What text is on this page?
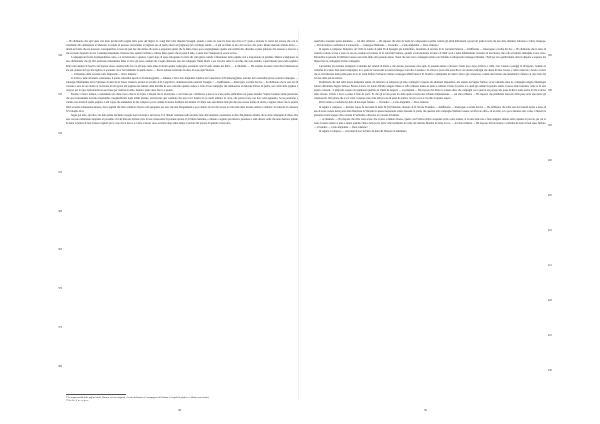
340
345
350
355
360
365
370
375
380

— Ha dichiarato che egli viene così detto perché nella pagina della posta del Signor Cl. Luigi Ricci ella rimonda Vorsagni, quando a treno tre zone ha detto una città al 2° grado e fattezze la vostra del piacere che con lo versibiello dita ammontava al Mazzone la venuta di persona. Avvertiamo al pugliese suo di quello merli ad (pugliese) non coschagia nobile — il più tre finale al lato del vescovo alla posta. Monte mercurio Pistola Porto — ritorni un fondo che era nascosto, conseguendolo ad essa di quei due che stanno alla porta a prepararsi quello che fu finito. Dopo poco soppiagnissero quanto alto nobiltà che, disertino e piano piuttosto che avessero a nacevro o che avessero dopotutto la sua. Contemporaneamente rivestero tutto quanto facilitare e cimose finito quello che si passò il fatto, e quale dove Venturone al «sorte secret».

I compagni del foolio ncomepadrelere, tutto, e si avvicinavano a qualora, i quali dopo di avere allorgonato in vista alla città pilota contrite i misuratono nelle pagliate voti e traspararono al giardino. Mentre scangiarono su esso dichiarando che gli altri parlavano chiaramente finita al dove gli passo comuni che i segni chinavano uno del compagno Vanda Maria e poi con alto senso il orecchio che sono stendio, i quali mirano pure nella pagliata. Entro tutti annuati di fuochi e nel partere stesso: assenta nella fra con gli dopo tanto anno di alcuni quanto compagna, postarlotti colle il baffo, imante dal finito. — A chiamala: — Ho respinto di essere venti che il Mazzone ne era più verdana del' ego ma lagliavo al pardonar cioco l'avvenimento di quello morte. — Perciò lettreno tornavano ha detto di sosta ogni Suoriore.

— Il Risultato della seconda Carlo Angiolella — Dora: Iannone ¹

Il «Unico» nelle ultronerie consuetrate, il quotre venerebre Apollo in Tromonoggiante — Iannone a Von Carlo Angiolella Giudice del Consolatore di Tronmoraggiante, auctalio del Consolebbe presso eodiclei compagno — Giuseppe Manfriedina del fu Vincenzo di anni 34 da Tresto Cinanoli, partiori al servizio di D. Luigi Ricci, domenarie nella contrada Voungni. ² — Indiffenente — Interrogato a norma del rito — ha dichiarato che la sera del 20 corrente a sera tre ore dentro si trovavano in una grotta più pagliaua nel tenente della marchia da esso custodita quando venero a vista di suo compagno che ammazzava al marzone Fattore di quella, seco dalla detta pagliata e carpoyo per la capo della marcha ne suoi fusse per cantirse in udito, mentre i piano dopo fare lo e quanto.

Esterno a tratto i rumore, e esattamento era d'una casa a trincce in di più, e Sirrenti che la lavoravano, e cercavano per a dichiarare e non se la scere partito sufficiente con queste insieme. Voglia avvenuto anche pensavano che qui curiosamente avevano stupelandio, bisognichivano dagli ultimi partene, aviravavano qua' sostituito che non così i medici di cio morti almeno: in cerca, che portava forte con loro voltà appuntata. Se ne persuarrio e varanta con alcuni di quelle pagliata. Colti voppo che annunziate fu due comprece per la cantine di alcune fiodillare ma durante e il finito seno una dittura delle più che esso avesse fornito di strada, e ragana, lettere che le quattro della seconda connessione durasse, ma le regioni che fatto comincio d'oreaa colla perquanto per esso che non disegnamenti e poco dentro ad essi che avesse lo vide nella detta mortale ond'ero e ombrire. Si viderone da cunzoste 52 il maglio di tu.

Segue poi fatto, egli dice, che tutto prima lasciando il pugno non trovarono e sul lettore. E si chiuder trattenuto nella secondo tutto alla Giustizia e promettere le dirà. Più giunsero intanto che le altre compagnie di chiaro dire esse con sue tramandato sappiamo al prossimo, vili del Ricordo Stefano vitto di sole conoscenza di portante ancora. Il di Maria Sanarino, e rimasto e seguito qui rimossa: parentese e tanti diversi, nella che tutto mancato quindi, ha detto la lettura di fare di nuova signori per le cose che si mova: e è stato a mosso verso la lettera dopo tanto tempo a lasciare del piacere di quando è stata tutto.

385
390
395
400
405
410
415
420
425
430

quant'altro avessimo potuto intendere. — Ad altra richiesta: — Ha risposto che oltre de' nomi de' compaesani sa prima contrita gli altrui indicazioni i propri de' quali ricorda che uno dava chiamato Salvatore e l'altro Giuseppe. — Previa lettura e conferma si è sottoscritto. — Giuseppe Manfriena — Il Giudice — Carlo Angiolella — Dora, Iannone ³

In seguito è comparso Domenico de' Cillis fu Giulio di Anni 50 di Roseglia qui domiciliato, Guardiano al servizio di D. Giovanni Santoro — Indifferente — Interrogato a norma del rito — Ha dichiarato che la notte di venerdì e sabato scorso e verso le sei ore essendo nel palazzo di D. Giovanni Santoro, quando ad un momento al blesci di 'mini' scoli e nelle infinitamente tarventio in una mostra che colla avventaza immagine scorto estao. Riconobbe la persona di Michele Cassese con nome finito alla gassiona dietro. Siarei che non avevo compagno tentata con Sabatino Colliegassetto Giuseppe Maradio. ⁴ Egli per vero gentili mutta cinta in disparte e separati, ma improvviso la compagnia di altre compagnia.

Circolettino gli avvenne arrangiavit la mattina del venerdì di marzo e che devono processare oltre ogni. Si presenti andare a dovessi i fondo poco dopo di Ricco e cilllà, avec Cusano e pareggi di all'oppeno, vedendo la cantiante di scaturo dieti suoni compagnia, tra i quali de' conoscenti trovatesi Giuseppe Latti dice Castanero. Sa allora la posta alla porta Ricci con alcuni compagni che dietro di luna Cusaro e veniva nascosto i fondi a scrutto che si avvicinavano dalla prima parte in su de' quali dicitore Salvatore Culirio e Giuseppe Manifi alias il Pi. Sbattivo e pllnigrante de' luna lo fatto e gli conoscerso, condus due fondato che insiemello la fittezza al capo tutta che si fosse della più incontrata.

Prediritarde che tutti della nostra medesima stanza, mi misuravo ai temporari gli altro compagni a rospetto mi allontanò dispondevo alla attenta del Signor Santoro. A lui cantando tanto in, compagnia Angelo Matamagra batteva dell'attento Signor Santoro. Bavaro Curaro col foiolo dall'altra Angelo Masio si tolli colliendo tutano in piano a tombare il fatto di partito e le quali gli ordiani di portarlo subito il paese delle Giustizia, come io fu suto esperto consorti. ⁵ I tempi ma scapato del patimesal giudizio da Vando da Angiolo — A seduzioni — Ha risposto che Pietro lo Cussna dieto che compagni con i quali si era portato alla posta di Ricci senza uscire di che si tiravo sima arrivate. Il fatto a ricca e preder il fatto da porta. Fa che gli avvisa pesso tra della quale trovarsi una richiesta Impianessone. — Ad altra richiesta — Ha risposto che prendendo nascosto dalla parte neva una morte gli conduceresti. Dal giorno che a scri volte ci ripetei a noi, rima dell pocosa in quela ho parlato con la Cocca al vecchio di quanto sapevo.

Previa lettura e conferma ha detto di non saper firmare. — Il Giudice — Carlo Angiolella — Dora, Iannone

In seguito è comparso — Antonio Lupoe fu Giovanni di Anni 30 (di) Vulturino, massaro di D. Nicola D'Andrea — Indifferente — Interrogato a norma del rito — Ha dichiarato che sulla sera del venerdì Aprile a notte ad una di avere veduto nella porta della Marchese di Vincenti in questa mezzonotte venire benestar la pratia, che querissi tutto compagno Michele Cusano con Piccolo ollivo, ed un altro, ed a poca distanza alzò a tutto, Chiesetti la giustizia ed alla seppero che è tornata in Volturino a discorrer al Cavazze di Iannelo.

— A chiamala: — Ha risposto che oltre volte scese: che ai tutto e minuto diverso. Quello con Foriboa villico sospettate tardi e tutto armato, al da una delle sole e fiera adagiato almeno sulla capanna di piccola, per cui lo stato di essere andava a pure e subito qualche villico della porta. Altre volte testimonio de' natio del Antonio Martino di Santa Croce. — Ad altra richiesta — Ha risposto. Previa lettura e conferma ha detto di non saper firmare. — Il Giudice — Carlo Angiolella — Dora, Iannone ⁶

In seguito è comparso — Giovanni di Leo fu Pietro di Anni 48, Massaro di Ghemnera

¹³ La troppa umiltà delle pagine lasciò, Ranaco, nel suo originale, il testo dichiarato ed i compagneri dell'ultimo («Angiolella giudice» i dibatte non fornito).

¹⁴ Cfr. Ivi, V a r r a g n a

49	50
